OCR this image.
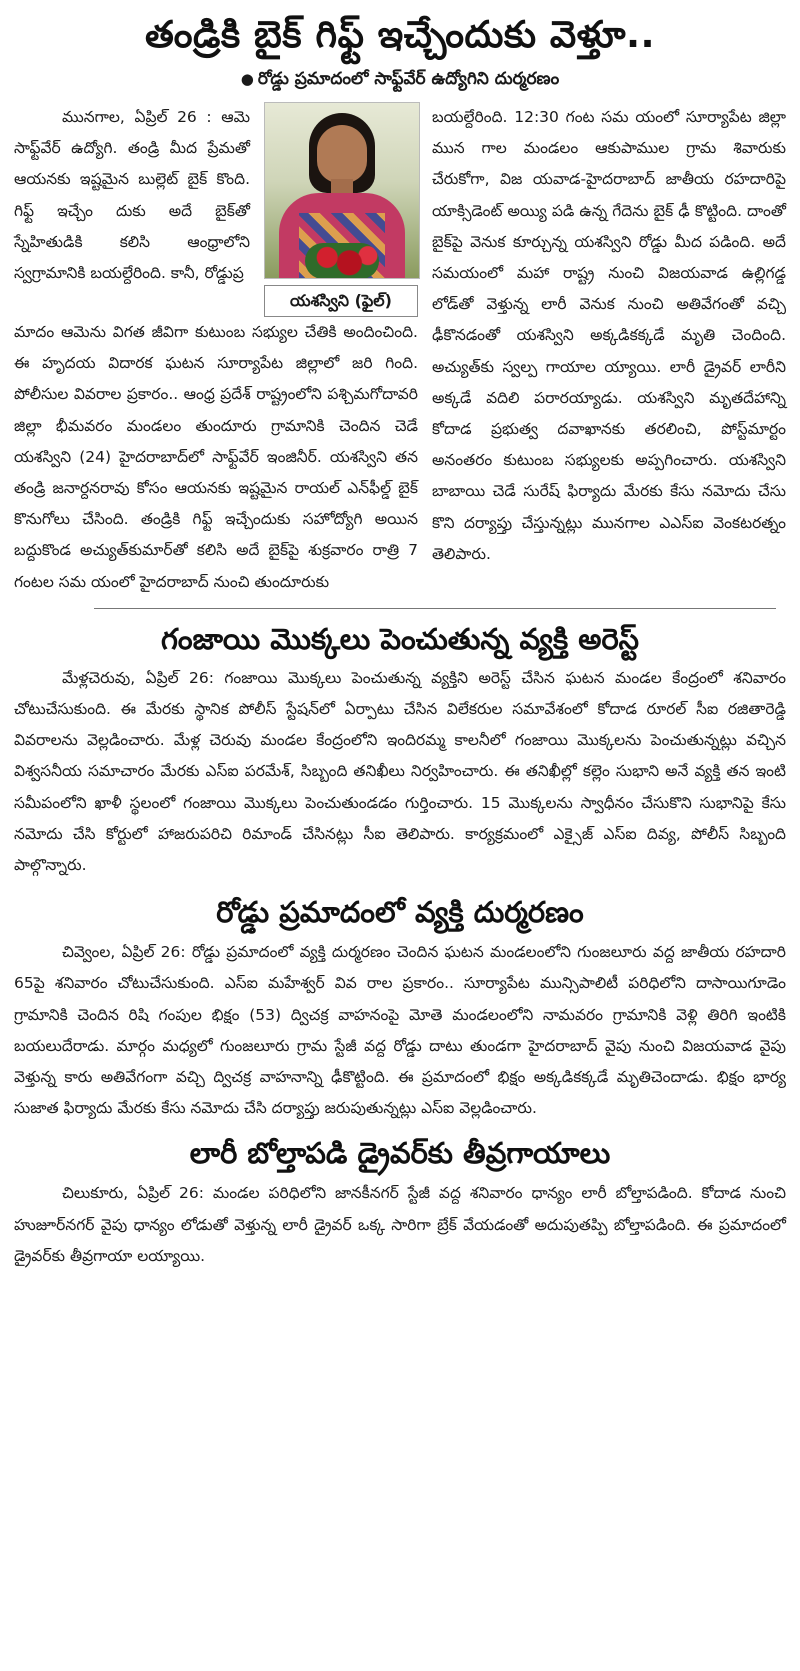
తండ్రికి బైక్ గిఫ్ట్ ఇచ్చేందుకు వెళ్తూ..
● రోడ్డు ప్రమాదంలో సాఫ్ట్‌వేర్ ఉద్యోగిని దుర్మరణం

మునగాల, ఏప్రిల్ 26 : ఆమె సాఫ్ట్‌వేర్ ఉద్యోగి. తండ్రి మీద ప్రేమతో ఆయనకు ఇష్టమైన బుల్లెట్ బైక్ కొంది. గిఫ్ట్ ఇచ్చేం దుకు అదే బైక్‌తో స్నేహితుడికి కలిసి ఆంధ్రాలోని స్వగ్రామానికి బయల్దేరింది. కానీ, రోడ్డుప్ర

యశస్విని (ఫైల్)

బయల్దేరింది. 12:30 గంట సమ యంలో సూర్యాపేట జిల్లా మున గాల మండలం ఆకుపాముల గ్రామ శివారుకు చేరుకోగా, విజ యవాడ-హైదరాబాద్ జాతీయ రహదారిపై యాక్సిడెంట్ అయ్యి పడి ఉన్న గేదెను బైక్ ఢీ కొట్టింది. దాంతో బైక్‌పై వెనుక కూర్చున్న యశస్విని రోడ్డు మీద పడింది. అదే సమయంలో మహా రాష్ట్ర నుంచి విజయవాడ ఉల్లిగడ్డ లోడ్‌తో వెళ్తున్న లారీ వెనుక నుంచి అతివేగంతో వచ్చి ఢీకొనడంతో యశస్విని అక్కడికక్కడే మృతి చెందింది. అచ్యుత్‌కు స్వల్ప గాయాల య్యాయి. లారీ డ్రైవర్ లారీని అక్కడే వదిలి పరారయ్యాడు. యశస్విని మృతదేహాన్ని కోదాడ ప్రభుత్వ దవాఖానకు తరలించి, పోస్ట్‌మార్టం అనంతరం కుటుంబ సభ్యులకు అప్పగించారు. యశస్విని బాబాయి చెడే సురేష్ ఫిర్యాదు మేరకు కేసు నమోదు చేసు కొని దర్యాప్తు చేస్తున్నట్లు మునగాల ఎఎస్ఐ వెంకటరత్నం తెలిపారు.

మాదం ఆమెను విగత జీవిగా కుటుంబ సభ్యుల చేతికి అందించింది. ఈ హృదయ విదారక ఘటన సూర్యాపేట జిల్లాలో జరి గింది. పోలీసుల వివరాల ప్రకారం.. ఆంధ్ర ప్రదేశ్ రాష్ట్రంలోని పశ్చిమగోదావరి జిల్లా భీమవరం మండలం తుందూరు గ్రామానికి చెందిన చెడే యశస్విని (24) హైదరాబాద్‌లో సాఫ్ట్‌వేర్ ఇంజినీర్. యశస్విని తన తండ్రి జనార్దనరావు కోసం ఆయనకు ఇష్టమైన రాయల్ ఎన్‌ఫీల్డ్ బైక్ కొనుగోలు చేసింది. తండ్రికి గిఫ్ట్ ఇచ్చేందుకు సహోద్యోగి అయిన బద్దుకొండ అచ్యుత్‌కుమార్‌తో కలిసి అదే బైక్‌పై శుక్రవారం రాత్రి 7 గంటల సమ యంలో హైదరాబాద్ నుంచి తుందూరుకు

గంజాయి మొక్కలు పెంచుతున్న వ్యక్తి అరెస్ట్

మేళ్లచెరువు, ఏప్రిల్ 26: గంజాయి మొక్కలు పెంచుతున్న వ్యక్తిని అరెస్ట్ చేసిన ఘటన మండల కేంద్రంలో శనివారం చోటుచేసుకుంది. ఈ మేరకు స్థానిక పోలీస్ స్టేషన్‌లో ఏర్పాటు చేసిన విలేకరుల సమావేశంలో కోదాడ రూరల్ సీఐ రజితారెడ్డి వివరాలను వెల్లడించారు. మేళ్ల చెరువు మండల కేంద్రంలోని ఇందిరమ్మ కాలనీలో గంజాయి మొక్కలను పెంచుతున్నట్లు వచ్చిన విశ్వసనీయ సమాచారం మేరకు ఎస్ఐ పరమేశ్, సిబ్బంది తనిఖీలు నిర్వహించారు. ఈ తనిఖీల్లో కల్లెం సుభాని అనే వ్యక్తి తన ఇంటి సమీపంలోని ఖాళీ స్థలంలో గంజాయి మొక్కలు పెంచుతుండడం గుర్తించారు. 15 మొక్కలను స్వాధీనం చేసుకొని సుభానిపై కేసు నమోదు చేసి కోర్టులో హాజరుపరిచి రిమాండ్ చేసినట్లు సీఐ తెలిపారు. కార్యక్రమంలో ఎక్సైజ్ ఎస్ఐ దివ్య, పోలీస్ సిబ్బంది పాల్గొన్నారు.

రోడ్డు ప్రమాదంలో వ్యక్తి దుర్మరణం

చివ్వెంల, ఏప్రిల్ 26: రోడ్డు ప్రమాదంలో వ్యక్తి దుర్మరణం చెందిన ఘటన మండలంలోని గుంజలూరు వద్ద జాతీయ రహదారి 65పై శనివారం చోటుచేసుకుంది. ఎస్ఐ మహేశ్వర్ వివ రాల ప్రకారం.. సూర్యాపేట మున్సిపాలిటీ పరిధిలోని దాసాయిగూడెం గ్రామానికి చెందిన రిషి గంపుల భిక్షం (53) ద్విచక్ర వాహనంపై మోతె మండలంలోని నామవరం గ్రామానికి వెళ్లి తిరిగి ఇంటికి బయలుదేరాడు. మార్గం మధ్యలో గుంజలూరు గ్రామ స్టేజీ వద్ద రోడ్డు దాటు తుండగా హైదరాబాద్ వైపు నుంచి విజయవాడ వైపు వెళ్తున్న కారు అతివేగంగా వచ్చి ద్విచక్ర వాహనాన్ని ఢీకొట్టింది. ఈ ప్రమాదంలో భిక్షం అక్కడికక్కడే మృతిచెందాడు. భిక్షం భార్య సుజాత ఫిర్యాదు మేరకు కేసు నమోదు చేసి దర్యాప్తు జరుపుతున్నట్లు ఎస్ఐ వెల్లడించారు.

లారీ బోల్తాపడి డ్రైవర్‌కు తీవ్రగాయాలు

చిలుకూరు, ఏప్రిల్ 26: మండల పరిధిలోని జానకీనగర్ స్టేజీ వద్ద శనివారం ధాన్యం లారీ బోల్తాపడింది. కోదాడ నుంచి హుజూర్‌నగర్ వైపు ధాన్యం లోడుతో వెళ్తున్న లారీ డ్రైవర్ ఒక్క సారిగా బ్రేక్ వేయడంతో అదుపుతప్పి బోల్తాపడింది. ఈ ప్రమాదంలో డ్రైవర్‌కు తీవ్రగాయా లయ్యాయి.
